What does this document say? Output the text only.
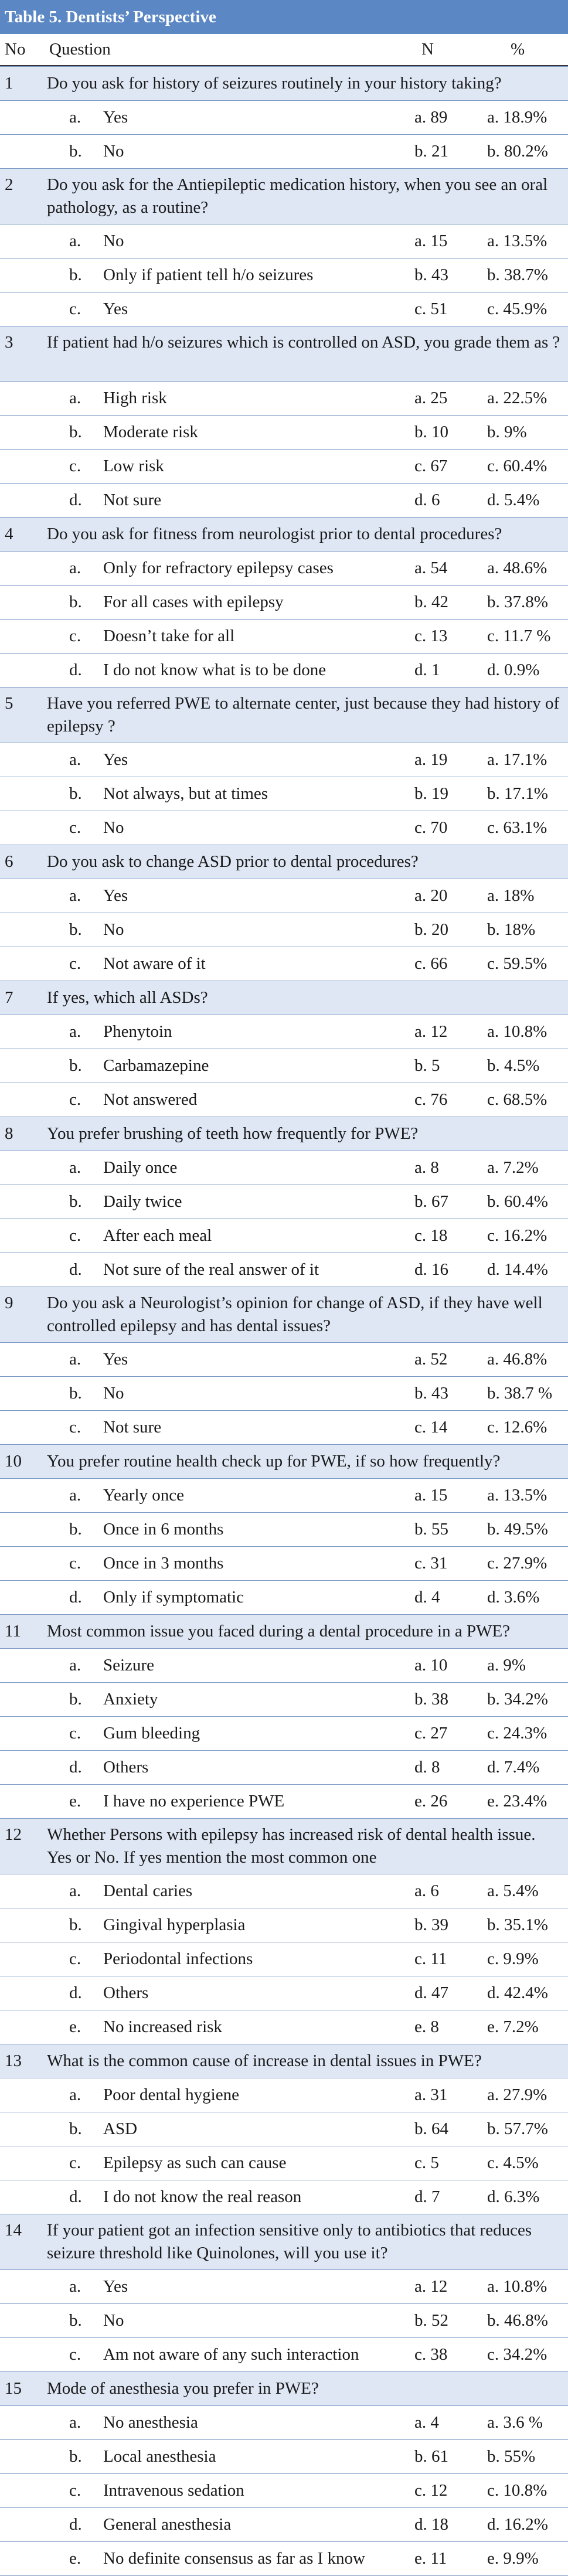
Table 5. Dentists’ Perspective
No	Question	N	%
1	Do you ask for history of seizures routinely in your history taking?
a.	Yes	a. 89	a. 18.9%
b.	No	b. 21	b. 80.2%
2	Do you ask for the Antiepileptic medication history, when you see an oral pathology, as a routine?
a.	No	a. 15	a. 13.5%
b.	Only if patient tell h/o seizures	b. 43	b. 38.7%
c.	Yes	c. 51	c. 45.9%
3	If patient had h/o seizures which is controlled on ASD, you grade them as ?
a.	High risk	a. 25	a. 22.5%
b.	Moderate risk	b. 10	b. 9%
c.	Low risk	c. 67	c. 60.4%
d.	Not sure	d. 6	d. 5.4%
4	Do you ask for fitness from neurologist prior to dental procedures?
a.	Only for refractory epilepsy cases	a. 54	a. 48.6%
b.	For all cases with epilepsy	b. 42	b. 37.8%
c.	Doesn’t take for all	c. 13	c. 11.7 %
d.	I do not know what is to be done	d. 1	d. 0.9%
5	Have you referred PWE to alternate center, just because they had history of epilepsy ?
a.	Yes	a. 19	a. 17.1%
b.	Not always, but at times	b. 19	b. 17.1%
c.	No	c. 70	c. 63.1%
6	Do you ask to change ASD prior to dental procedures?
a.	Yes	a. 20	a. 18%
b.	No	b. 20	b. 18%
c.	Not aware of it	c. 66	c. 59.5%
7	If yes, which all ASDs?
a.	Phenytoin	a. 12	a. 10.8%
b.	Carbamazepine	b. 5	b. 4.5%
c.	Not answered	c. 76	c. 68.5%
8	You prefer brushing of teeth how frequently for PWE?
a.	Daily once	a. 8	a. 7.2%
b.	Daily twice	b. 67	b. 60.4%
c.	After each meal	c. 18	c. 16.2%
d.	Not sure of the real answer of it	d. 16	d. 14.4%
9	Do you ask a Neurologist’s opinion for change of ASD, if they have well controlled epilepsy and has dental issues?
a.	Yes	a. 52	a. 46.8%
b.	No	b. 43	b. 38.7 %
c.	Not sure	c. 14	c. 12.6%
10	You prefer routine health check up for PWE, if so how frequently?
a.	Yearly once	a. 15	a. 13.5%
b.	Once in 6 months	b. 55	b. 49.5%
c.	Once in 3 months	c. 31	c. 27.9%
d.	Only if symptomatic	d. 4	d. 3.6%
11	Most common issue you faced during a dental procedure in a PWE?
a.	Seizure	a. 10	a. 9%
b.	Anxiety	b. 38	b. 34.2%
c.	Gum bleeding	c. 27	c. 24.3%
d.	Others	d. 8	d. 7.4%
e.	I have no experience PWE	e. 26	e. 23.4%
12	Whether Persons with epilepsy has increased risk of dental health issue. Yes or No. If yes mention the most common one
a.	Dental caries	a. 6	a. 5.4%
b.	Gingival hyperplasia	b. 39	b. 35.1%
c.	Periodontal infections	c. 11	c. 9.9%
d.	Others	d. 47	d. 42.4%
e.	No increased risk	e. 8	e. 7.2%
13	What is the common cause of increase in dental issues in PWE?
a.	Poor dental hygiene	a. 31	a. 27.9%
b.	ASD	b. 64	b. 57.7%
c.	Epilepsy as such can cause	c. 5	c. 4.5%
d.	I do not know the real reason	d. 7	d. 6.3%
14	If your patient got an infection sensitive only to antibiotics that reduces seizure threshold like Quinolones, will you use it?
a.	Yes	a. 12	a. 10.8%
b.	No	b. 52	b. 46.8%
c.	Am not aware of any such interaction	c. 38	c. 34.2%
15	Mode of anesthesia you prefer in PWE?
a.	No anesthesia	a. 4	a. 3.6 %
b.	Local anesthesia	b. 61	b. 55%
c.	Intravenous sedation	c. 12	c. 10.8%
d.	General anesthesia	d. 18	d. 16.2%
e.	No definite consensus as far as I know	e. 11	e. 9.9%
